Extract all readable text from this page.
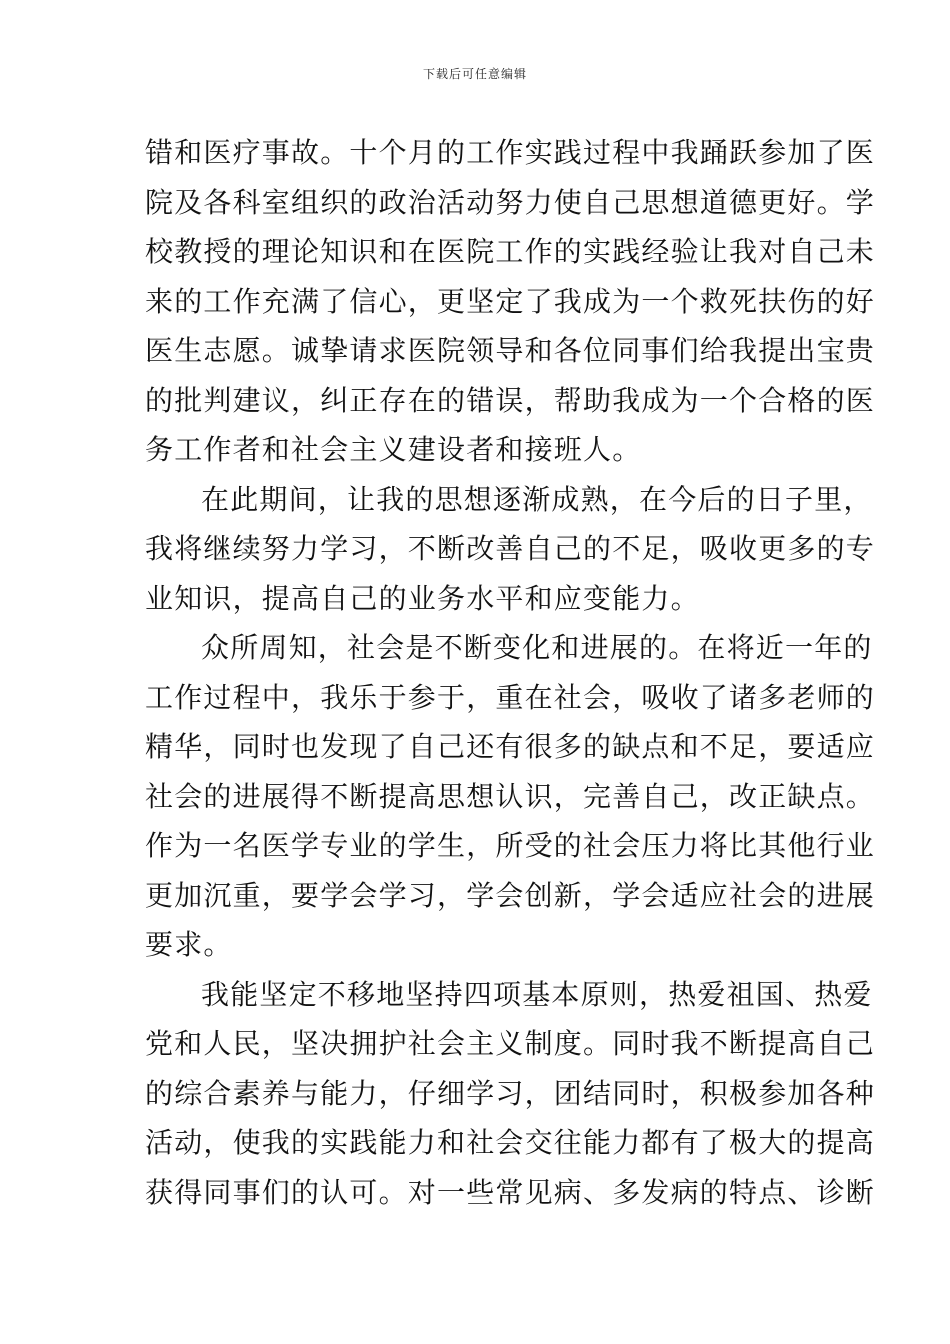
下载后可任意编辑
错和医疗事故。十个月的工作实践过程中我踊跃参加了医
院及各科室组织的政治活动努力使自己思想道德更好。学
校教授的理论知识和在医院工作的实践经验让我对自己未
来的工作充满了信心，更坚定了我成为一个救死扶伤的好
医生志愿。诚挚请求医院领导和各位同事们给我提出宝贵
的批判建议，纠正存在的错误，帮助我成为一个合格的医
务工作者和社会主义建设者和接班人。
在此期间，让我的思想逐渐成熟，在今后的日子里，
我将继续努力学习，不断改善自己的不足，吸收更多的专
业知识，提高自己的业务水平和应变能力。
众所周知，社会是不断变化和进展的。在将近一年的
工作过程中，我乐于参于，重在社会，吸收了诸多老师的
精华，同时也发现了自己还有很多的缺点和不足，要适应
社会的进展得不断提高思想认识，完善自己，改正缺点。
作为一名医学专业的学生，所受的社会压力将比其他行业
更加沉重，要学会学习，学会创新，学会适应社会的进展
要求。
我能坚定不移地坚持四项基本原则，热爱祖国、热爱
党和人民，坚决拥护社会主义制度。同时我不断提高自己
的综合素养与能力，仔细学习，团结同时，积极参加各种
活动，使我的实践能力和社会交往能力都有了极大的提高
获得同事们的认可。对一些常见病、多发病的特点、诊断
